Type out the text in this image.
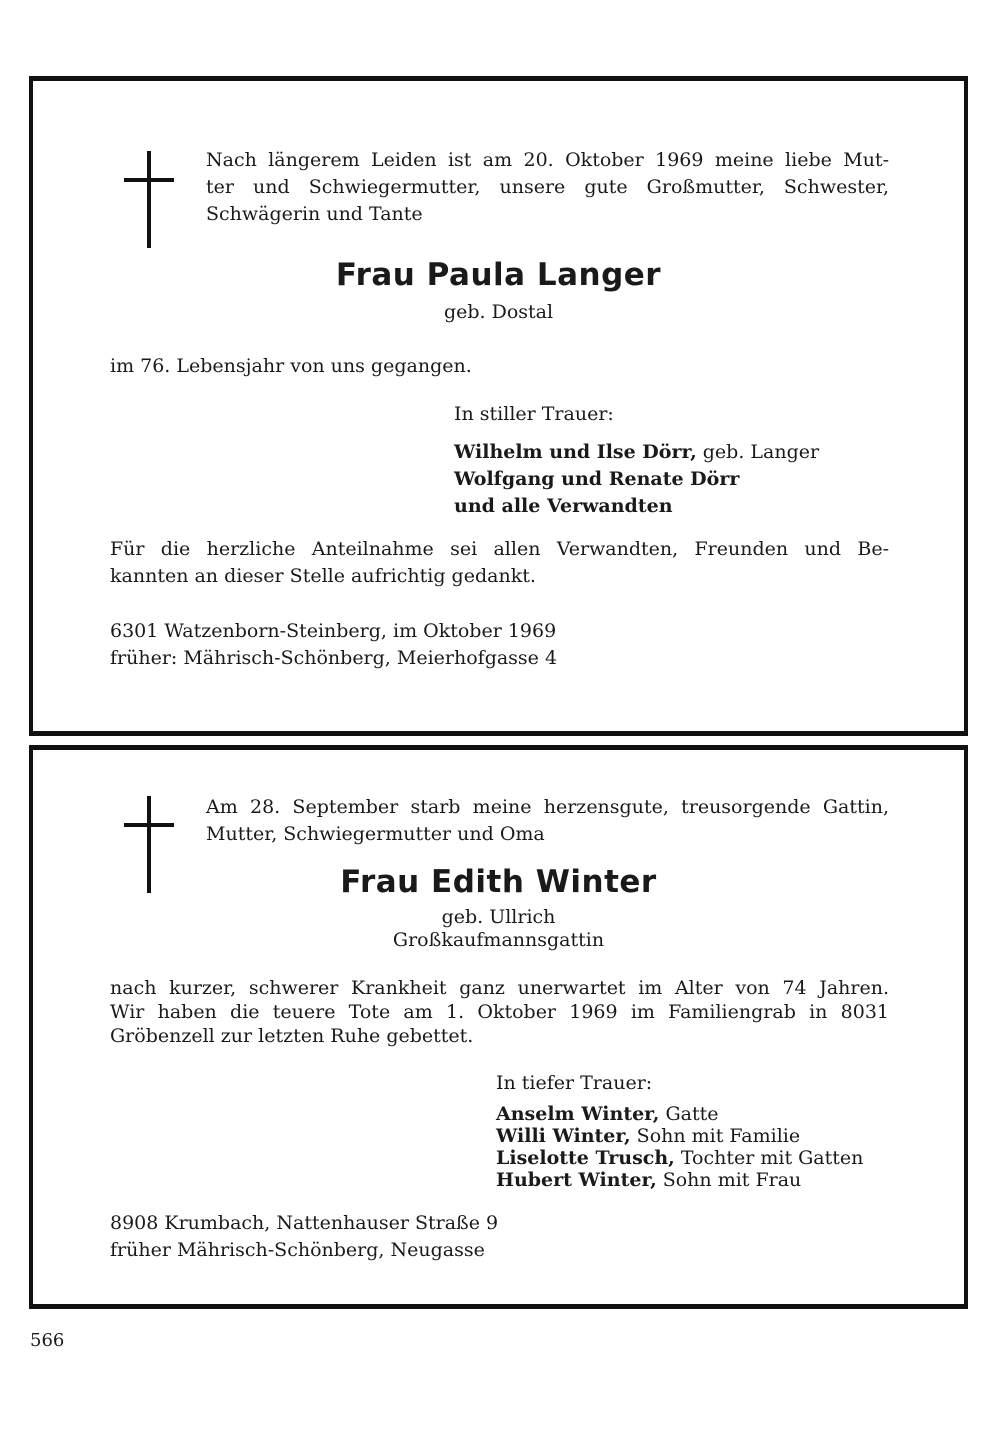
Nach längerem Leiden ist am 20. Oktober 1969 meine liebe Mut-
ter und Schwiegermutter, unsere gute Großmutter, Schwester,
Schwägerin und Tante
Frau Paula Langer
geb. Dostal
im 76. Lebensjahr von uns gegangen.
In stiller Trauer:
Wilhelm und Ilse Dörr, geb. Langer
Wolfgang und Renate Dörr
und alle Verwandten
Für die herzliche Anteilnahme sei allen Verwandten, Freunden und Be-
kannten an dieser Stelle aufrichtig gedankt.
6301 Watzenborn-Steinberg, im Oktober 1969
früher: Mährisch-Schönberg, Meierhofgasse 4
Am 28. September starb meine herzensgute, treusorgende Gattin,
Mutter, Schwiegermutter und Oma
Frau Edith Winter
geb. Ullrich
Großkaufmannsgattin
nach kurzer, schwerer Krankheit ganz unerwartet im Alter von 74 Jahren.
Wir haben die teuere Tote am 1. Oktober 1969 im Familiengrab in 8031
Gröbenzell zur letzten Ruhe gebettet.
In tiefer Trauer:
Anselm Winter, Gatte
Willi Winter, Sohn mit Familie
Liselotte Trusch, Tochter mit Gatten
Hubert Winter, Sohn mit Frau
8908 Krumbach, Nattenhauser Straße 9
früher Mährisch-Schönberg, Neugasse
566
